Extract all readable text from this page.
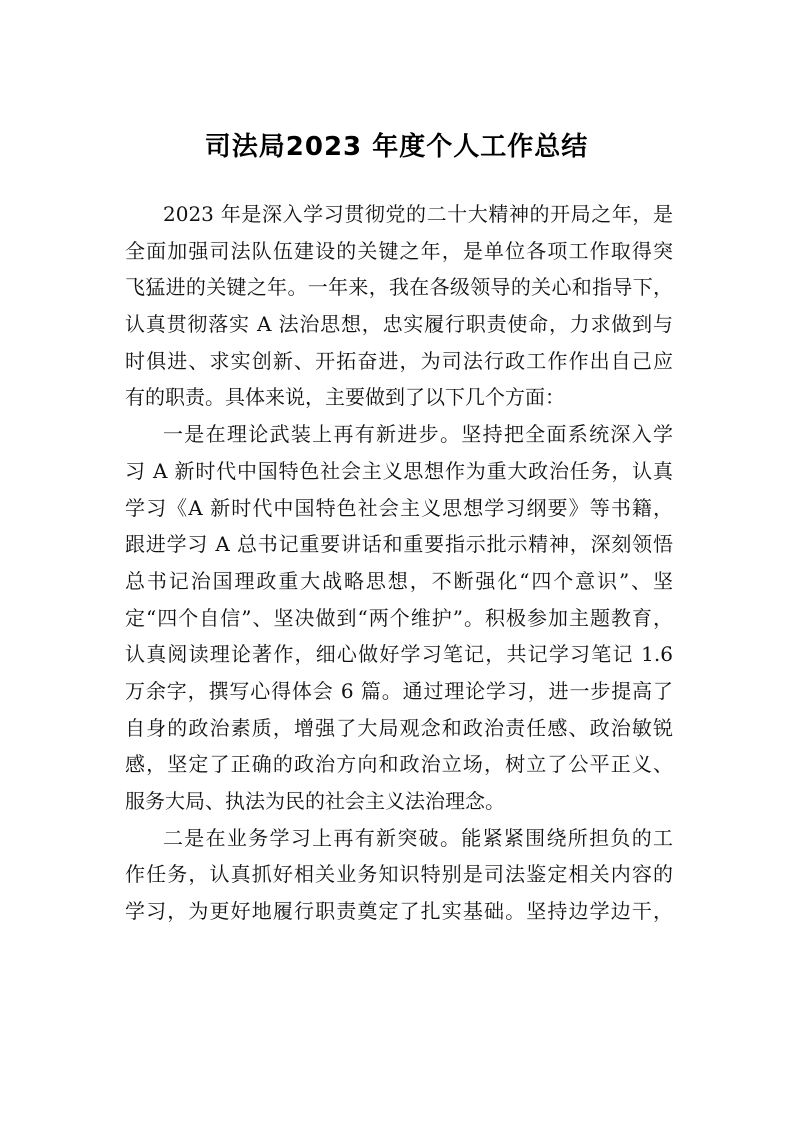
司法局2023 年度个人工作总结
2023 年是深入学习贯彻党的二十大精神的开局之年，是
全面加强司法队伍建设的关键之年，是单位各项工作取得突
飞猛进的关键之年。一年来，我在各级领导的关心和指导下，
认真贯彻落实 A 法治思想，忠实履行职责使命，力求做到与
时俱进、求实创新、开拓奋进，为司法行政工作作出自己应
有的职责。具体来说，主要做到了以下几个方面：
一是在理论武装上再有新进步。坚持把全面系统深入学
习 A 新时代中国特色社会主义思想作为重大政治任务，认真
学习《A 新时代中国特色社会主义思想学习纲要》等书籍，
跟进学习 A 总书记重要讲话和重要指示批示精神，深刻领悟
总书记治国理政重大战略思想，不断强化“四个意识”、坚
定“四个自信”、坚决做到“两个维护”。积极参加主题教育，
认真阅读理论著作，细心做好学习笔记，共记学习笔记 1.6
万余字，撰写心得体会 6 篇。通过理论学习，进一步提高了
自身的政治素质，增强了大局观念和政治责任感、政治敏锐
感，坚定了正确的政治方向和政治立场，树立了公平正义、
服务大局、执法为民的社会主义法治理念。
二是在业务学习上再有新突破。能紧紧围绕所担负的工
作任务，认真抓好相关业务知识特别是司法鉴定相关内容的
学习，为更好地履行职责奠定了扎实基础。坚持边学边干，
